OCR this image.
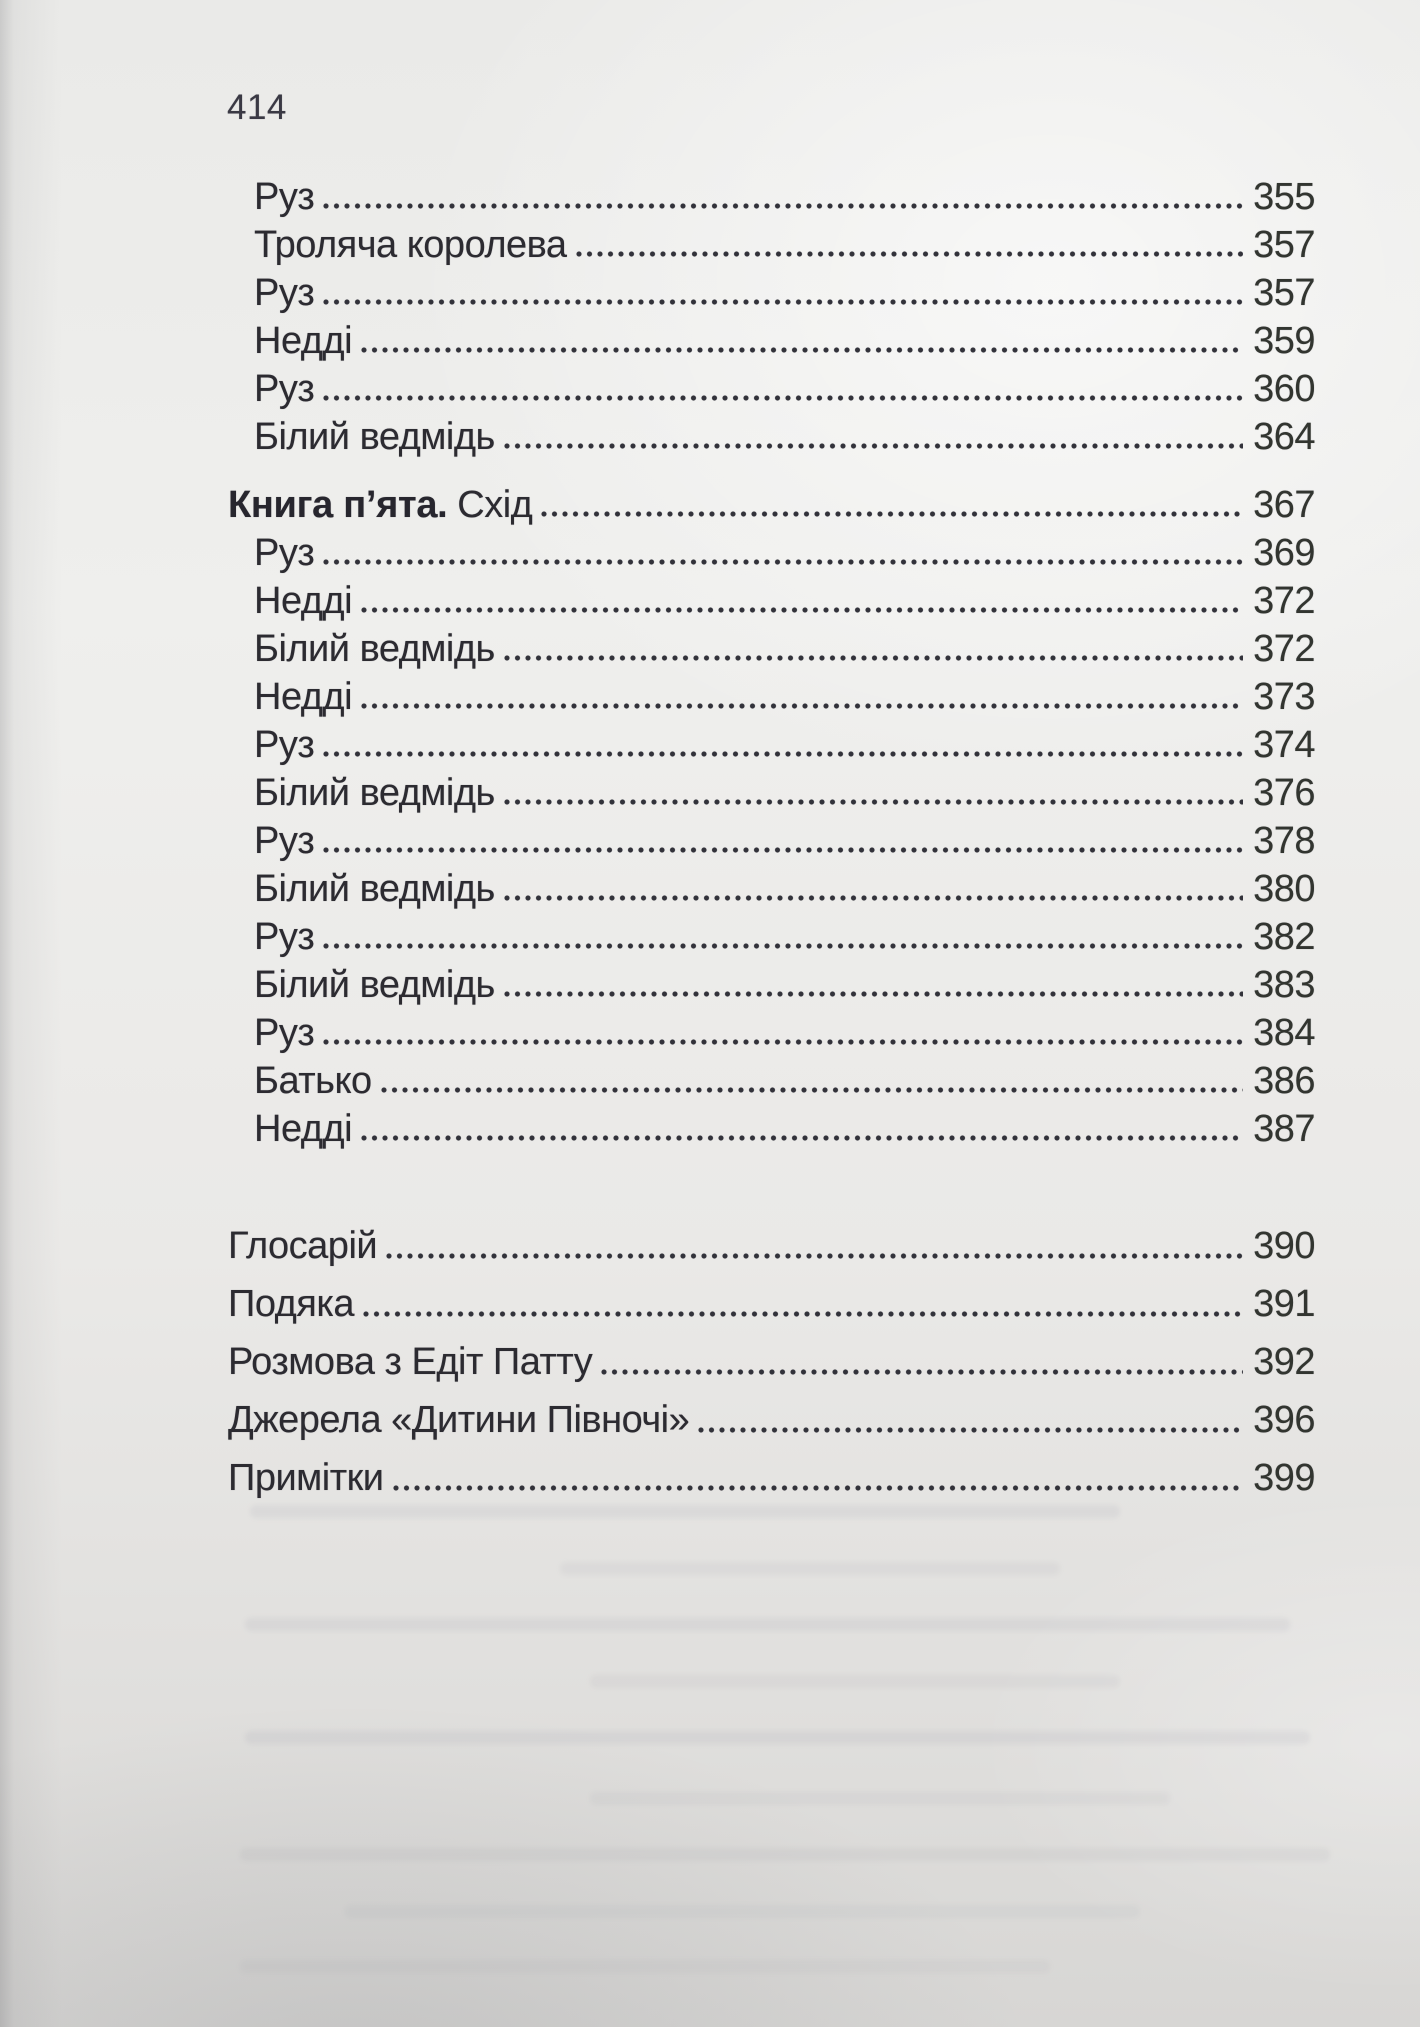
414
Руз	355
Троляча королева	357
Руз	357
Недді	359
Руз	360
Білий ведмідь	364
Книга п’ята. Схід	367
Руз	369
Недді	372
Білий ведмідь	372
Недді	373
Руз	374
Білий ведмідь	376
Руз	378
Білий ведмідь	380
Руз	382
Білий ведмідь	383
Руз	384
Батько	386
Недді	387
Глосарій	390
Подяка	391
Розмова з Едіт Патту	392
Джерела «Дитини Півночі»	396
Примітки	399
